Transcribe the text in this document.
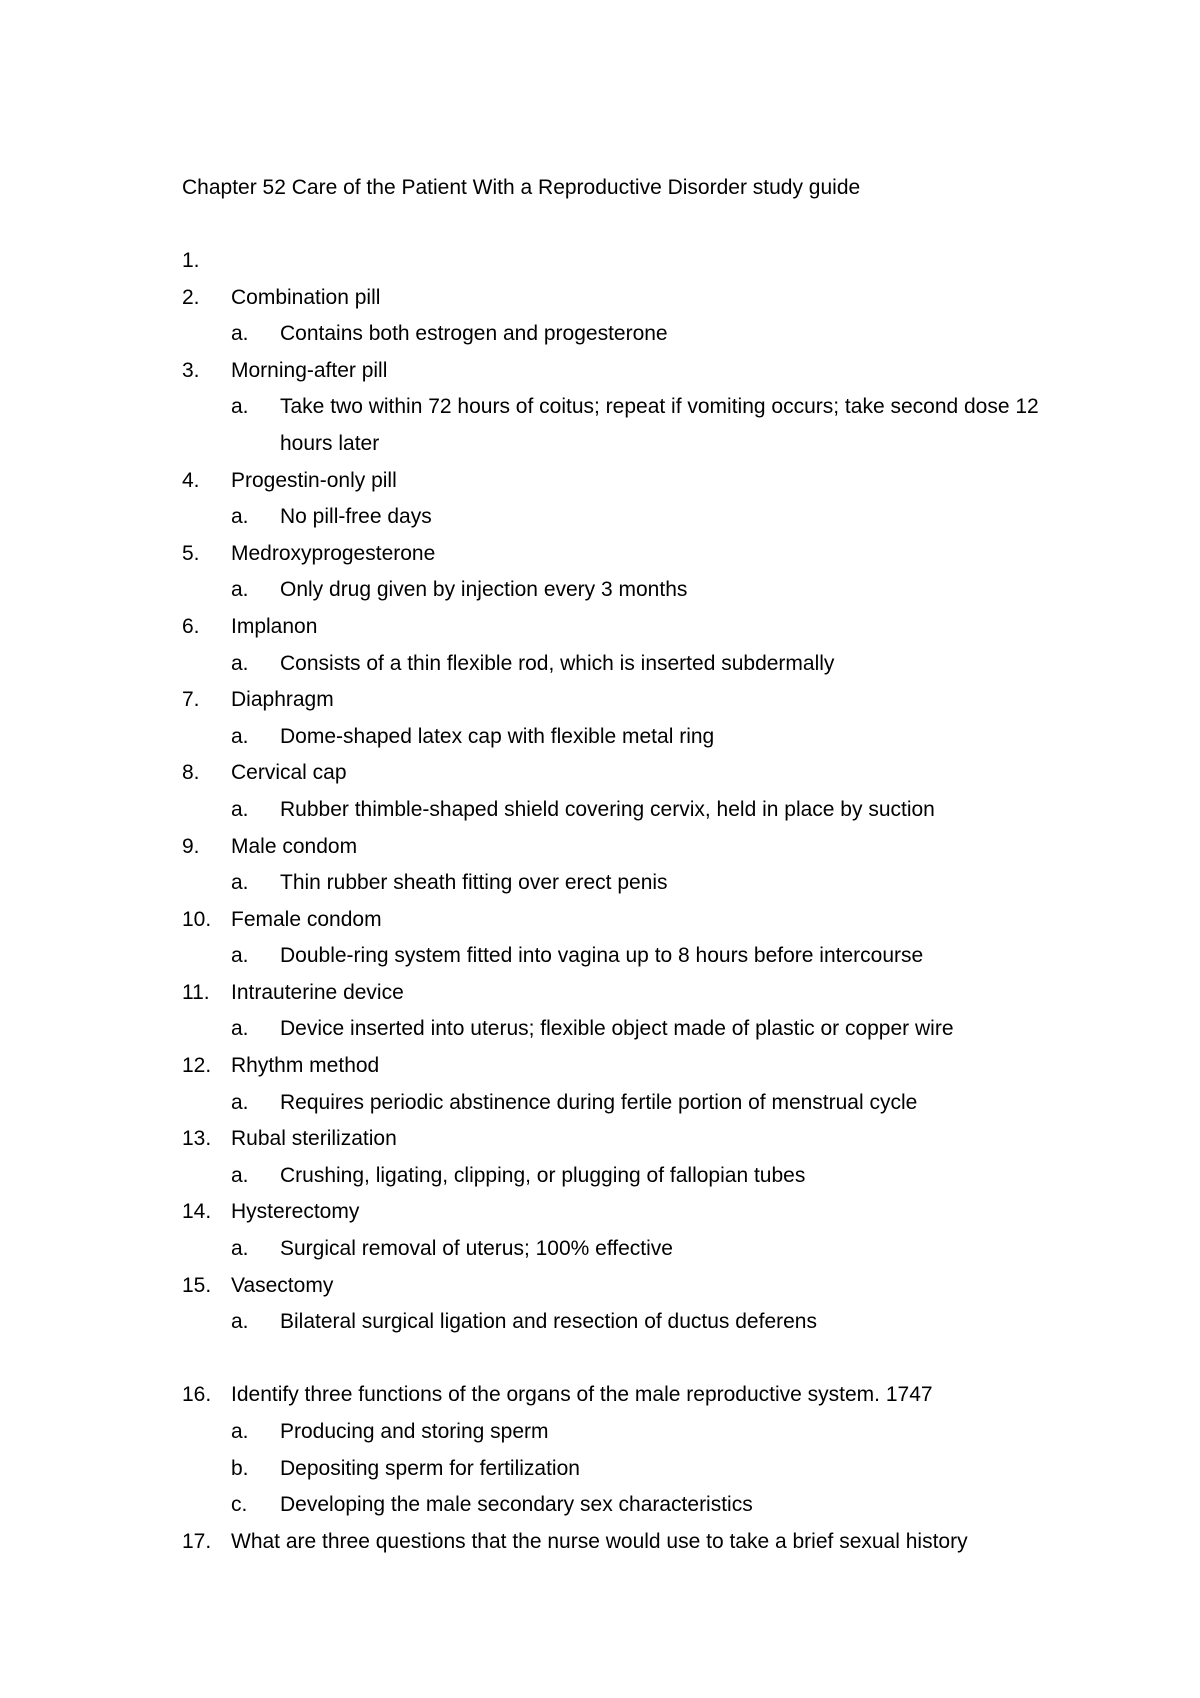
Chapter 52 Care of the Patient With a Reproductive Disorder study guide
1.

2.	Combination pill
a.	Contains both estrogen and progesterone
3.	Morning-after pill
a.	Take two within 72 hours of coitus; repeat if vomiting occurs; take second dose 12 hours later
4.	Progestin-only pill
a.	No pill-free days
5.	Medroxyprogesterone
a.	Only drug given by injection every 3 months
6.	Implanon
a.	Consists of a thin flexible rod, which is inserted subdermally
7.	Diaphragm
a.	Dome-shaped latex cap with flexible metal ring
8.	Cervical cap
a.	Rubber thimble-shaped shield covering cervix, held in place by suction
9.	Male condom
a.	Thin rubber sheath fitting over erect penis
10. Female condom
a.	Double-ring system fitted into vagina up to 8 hours before intercourse
11.	Intrauterine device
a.	Device inserted into uterus; flexible object made of plastic or copper wire
12. Rhythm method
a.	Requires periodic abstinence during fertile portion of menstrual cycle
13. Rubal sterilization
a.	Crushing, ligating, clipping, or plugging of fallopian tubes
14. Hysterectomy
a.	Surgical removal of uterus; 100% effective
15. Vasectomy
a.	Bilateral surgical ligation and resection of ductus deferens
16. Identify three functions of the organs of the male reproductive system. 1747
a.	Producing and storing sperm
b.	Depositing sperm for fertilization
c.	Developing the male secondary sex characteristics
17. What are three questions that the nurse would use to take a brief sexual history
